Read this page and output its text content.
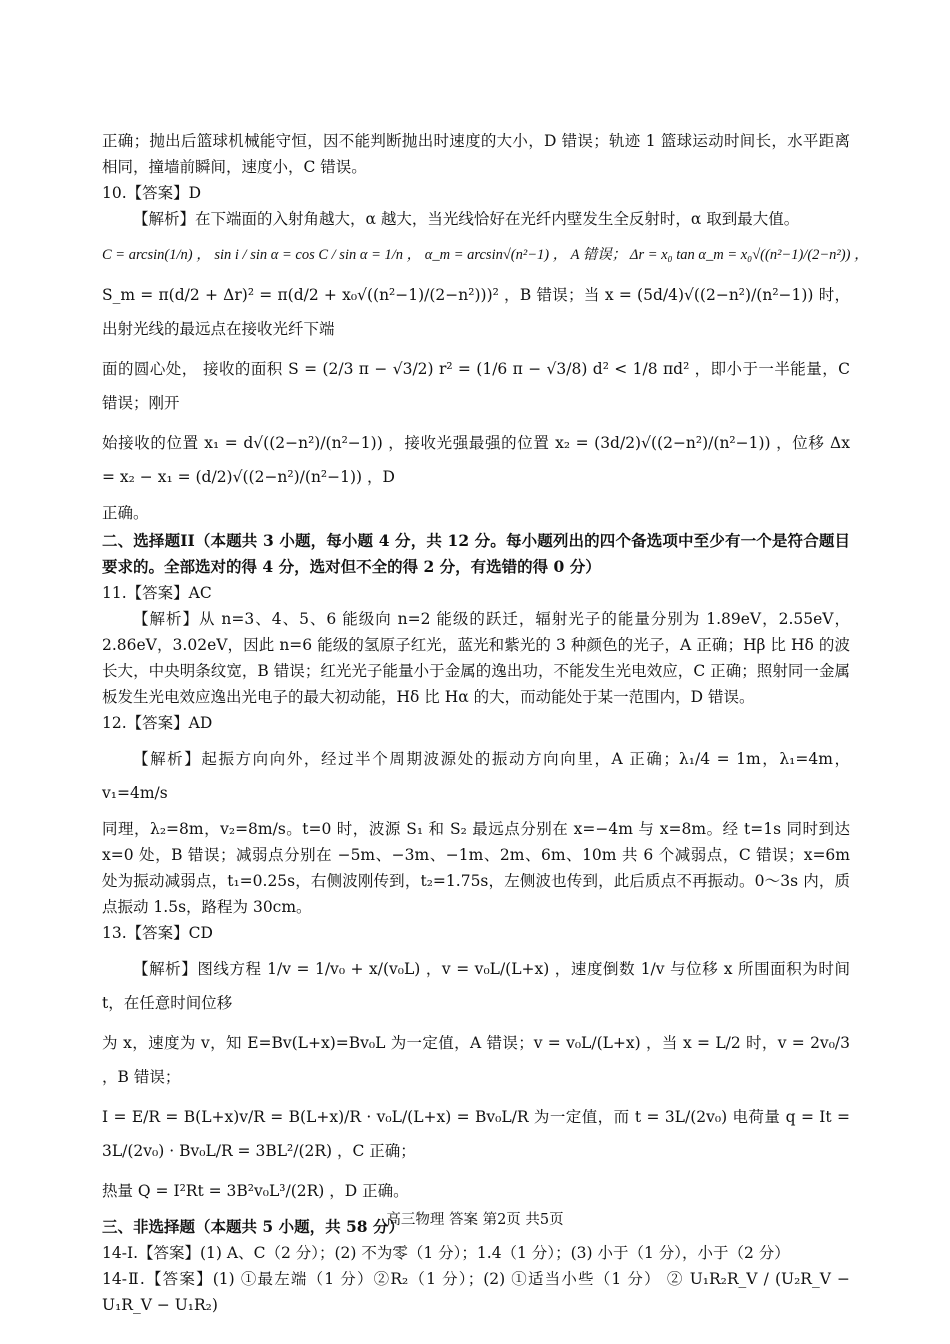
正确；抛出后篮球机械能守恒，因不能判断抛出时速度的大小，D 错误；轨迹 1 篮球运动时间长，水平距离相同，撞墙前瞬间，速度小，C 错误。

10.【答案】D

【解析】在下端面的入射角越大，α 越大，当光线恰好在光纤内壁发生全反射时，α 取到最大值。

C = arcsin(1/n) ， sin i / sin α = cos C / sin α = 1/n ， α_m = arcsin√(n²−1) ， A 错误； Δr = x₀ tan α_m = x₀√((n²−1)/(2−n²)) ，

S_m = π(d/2 + Δr)² = π(d/2 + x₀√((n²−1)/(2−n²)))² ，B 错误；当 x = (5d/4)√((2−n²)/(n²−1)) 时，出射光线的最远点在接收光纤下端

面的圆心处， 接收的面积 S = (2/3 π − √3/2) r² = (1/6 π − √3/8) d² < 1/8 πd² ，即小于一半能量，C 错误；刚开

始接收的位置 x₁ = d√((2−n²)/(n²−1)) ，接收光强最强的位置 x₂ = (3d/2)√((2−n²)/(n²−1)) ，位移 Δx = x₂ − x₁ = (d/2)√((2−n²)/(n²−1)) ，D

正确。

二、选择题II（本题共 3 小题，每小题 4 分，共 12 分。每小题列出的四个备选项中至少有一个是符合题目要求的。全部选对的得 4 分，选对但不全的得 2 分，有选错的得 0 分）

11.【答案】AC

【解析】从 n=3、4、5、6 能级向 n=2 能级的跃迁，辐射光子的能量分别为 1.89eV，2.55eV，2.86eV，3.02eV，因此 n=6 能级的氢原子红光，蓝光和紫光的 3 种颜色的光子，A 正确；Hβ 比 Hδ 的波长大，中央明条纹宽，B 错误；红光光子能量小于金属的逸出功，不能发生光电效应，C 正确；照射同一金属板发生光电效应逸出光电子的最大初动能，Hδ 比 Hα 的大，而动能处于某一范围内，D 错误。

12.【答案】AD

【解析】起振方向向外，经过半个周期波源处的振动方向向里，A 正确；λ₁/4 = 1m，λ₁=4m，v₁=4m/s

同理，λ₂=8m，v₂=8m/s。t=0 时，波源 S₁ 和 S₂ 最远点分别在 x=−4m 与 x=8m。经 t=1s 同时到达 x=0 处，B 错误；减弱点分别在 −5m、−3m、−1m、2m、6m、10m 共 6 个减弱点，C 错误；x=6m 处为振动减弱点，t₁=0.25s，右侧波刚传到，t₂=1.75s，左侧波也传到，此后质点不再振动。0～3s 内，质点振动 1.5s，路程为 30cm。

13.【答案】CD

【解析】图线方程 1/v = 1/v₀ + x/(v₀L) ，v = v₀L/(L+x) ，速度倒数 1/v 与位移 x 所围面积为时间 t，在任意时间位移

为 x，速度为 v，知 E=Bv(L+x)=Bv₀L 为一定值，A 错误；v = v₀L/(L+x) ，当 x = L/2 时，v = 2v₀/3 ，B 错误；

I = E/R = B(L+x)v/R = B(L+x)/R · v₀L/(L+x) = Bv₀L/R 为一定值，而 t = 3L/(2v₀) 电荷量 q = It = 3L/(2v₀) · Bv₀L/R = 3BL²/(2R) ，C 正确；

热量 Q = I²Rt = 3B²v₀L³/(2R) ，D 正确。

三、非选择题（本题共 5 小题，共 58 分）

14-Ⅰ.【答案】(1) A、C（2 分）；(2) 不为零（1 分）；1.4（1 分）；(3) 小于（1 分），小于（2 分）

14-Ⅱ.【答案】(1) ①最左端（1 分）②R₂（1 分）；(2) ①适当小些（1 分） ② U₁R₂R_V / (U₂R_V − U₁R_V − U₁R₂)

高三物理 答案 第2页 共5页
